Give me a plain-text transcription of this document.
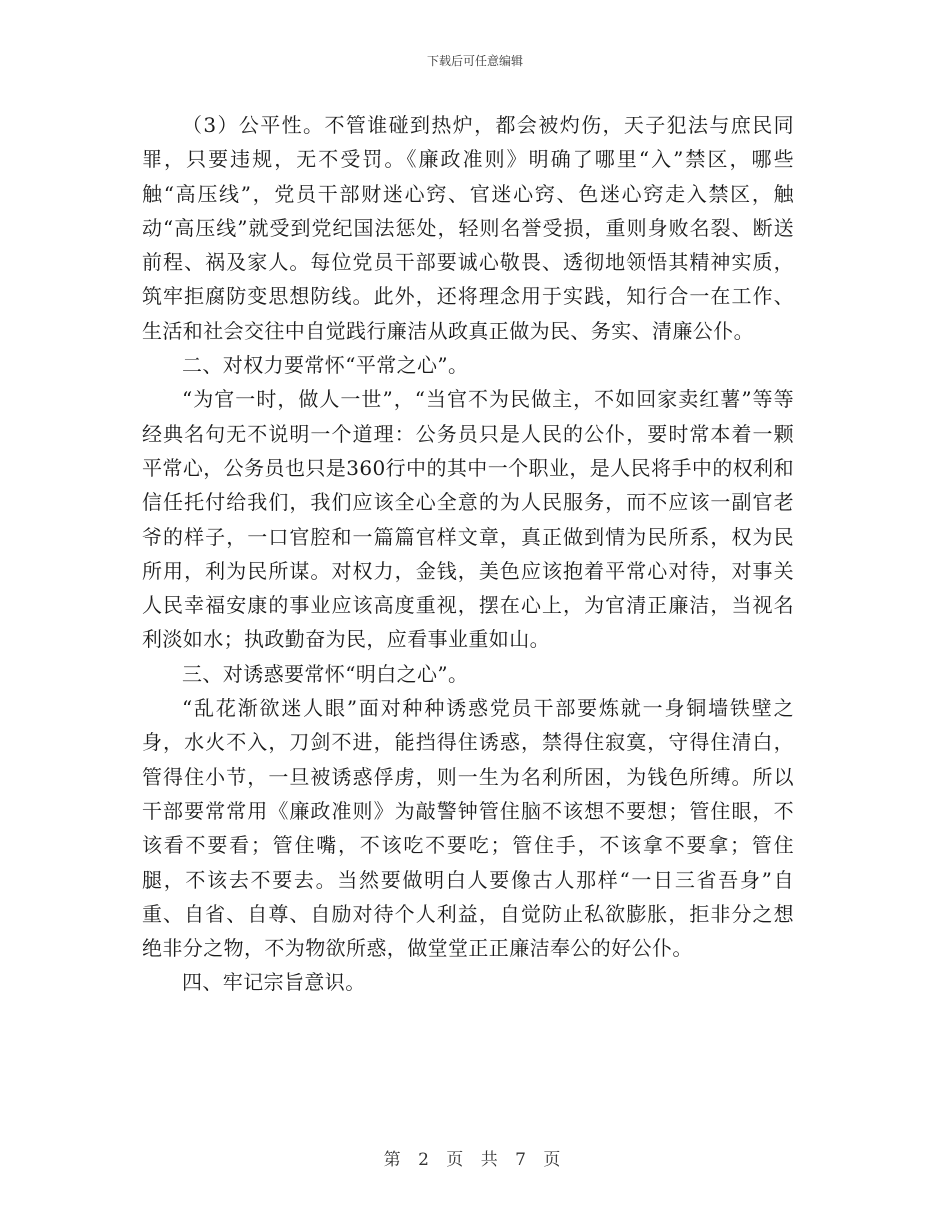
下载后可任意编辑

（3）公平性。不管谁碰到热炉，都会被灼伤，天子犯法与庶民同罪，只要违规，无不受罚。《廉政准则》明确了哪里“入”禁区，哪些触“高压线”，党员干部财迷心窍、官迷心窍、色迷心窍走入禁区，触动“高压线”就受到党纪国法惩处，轻则名誉受损，重则身败名裂、断送前程、祸及家人。每位党员干部要诚心敬畏、透彻地领悟其精神实质，筑牢拒腐防变思想防线。此外，还将理念用于实践，知行合一在工作、生活和社会交往中自觉践行廉洁从政真正做为民、务实、清廉公仆。

二、对权力要常怀“平常之心”。

“为官一时，做人一世”，“当官不为民做主，不如回家卖红薯”等等经典名句无不说明一个道理：公务员只是人民的公仆，要时常本着一颗平常心，公务员也只是360行中的其中一个职业，是人民将手中的权利和信任托付给我们，我们应该全心全意的为人民服务，而不应该一副官老爷的样子，一口官腔和一篇篇官样文章，真正做到情为民所系，权为民所用，利为民所谋。对权力，金钱，美色应该抱着平常心对待，对事关人民幸福安康的事业应该高度重视，摆在心上，为官清正廉洁，当视名利淡如水；执政勤奋为民，应看事业重如山。

三、对诱惑要常怀“明白之心”。

“乱花渐欲迷人眼”面对种种诱惑党员干部要炼就一身铜墙铁壁之身，水火不入，刀剑不进，能挡得住诱惑，禁得住寂寞，守得住清白，管得住小节，一旦被诱惑俘虏，则一生为名利所困，为钱色所缚。所以干部要常常用《廉政准则》为敲警钟管住脑不该想不要想；管住眼，不该看不要看；管住嘴，不该吃不要吃；管住手，不该拿不要拿；管住腿，不该去不要去。当然要做明白人要像古人那样“一日三省吾身”自重、自省、自尊、自励对待个人利益，自觉防止私欲膨胀，拒非分之想绝非分之物，不为物欲所惑，做堂堂正正廉洁奉公的好公仆。

四、牢记宗旨意识。

第 2 页 共 7 页
